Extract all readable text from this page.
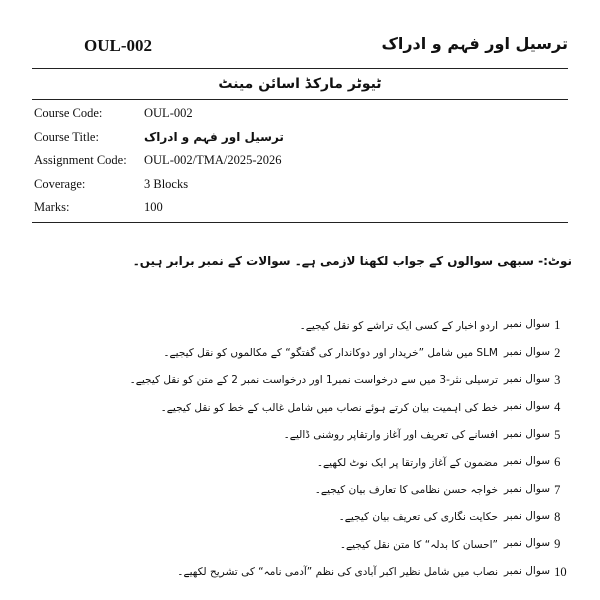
OUL-002	ترسیل اور فہم و ادراک
ٹیوٹر مارکڈ اسائن مینٹ
Course Code:	OUL-002
Course Title:	ترسیل اور فہم و ادراک
Assignment Code: OUL-002/TMA/2025-2026
Coverage:	3 Blocks
Marks:	100
نوٹ:- سبھی سوالوں کے جواب لکھنا لازمی ہے۔ سوالات کے نمبر برابر ہیں۔
سوال نمبر 1
اردو اخبار کے کسی ایک تراشے کو نقل کیجیے۔
سوال نمبر 2
SLM میں شامل ”خریدار اور دوکاندار کی گفتگو“ کے مکالموں کو نقل کیجیے۔
سوال نمبر 3
ترسیلی نثر-3 میں سے درخواست نمبر1 اور درخواست نمبر 2 کے متن کو نقل کیجیے۔
سوال نمبر 4
خط کی اہمیت بیان کرتے ہوئے نصاب میں شامل غالب کے خط کو نقل کیجیے۔
سوال نمبر 5
افسانے کی تعریف اور آغاز وارتقاپر روشنی ڈالیے۔
سوال نمبر 6
مضمون کے آغاز وارتقا پر ایک نوٹ لکھیے۔
سوال نمبر 7
خواجہ حسن نظامی کا تعارف بیان کیجیے۔
سوال نمبر 8
حکایت نگاری کی تعریف بیان کیجیے۔
سوال نمبر 9
”احسان کا بدلہ“ کا متن نقل کیجیے۔
سوال نمبر 10
نصاب میں شامل نظیر اکبر آبادی کی نظم ”آدمی نامہ“ کی تشریح لکھیے۔
